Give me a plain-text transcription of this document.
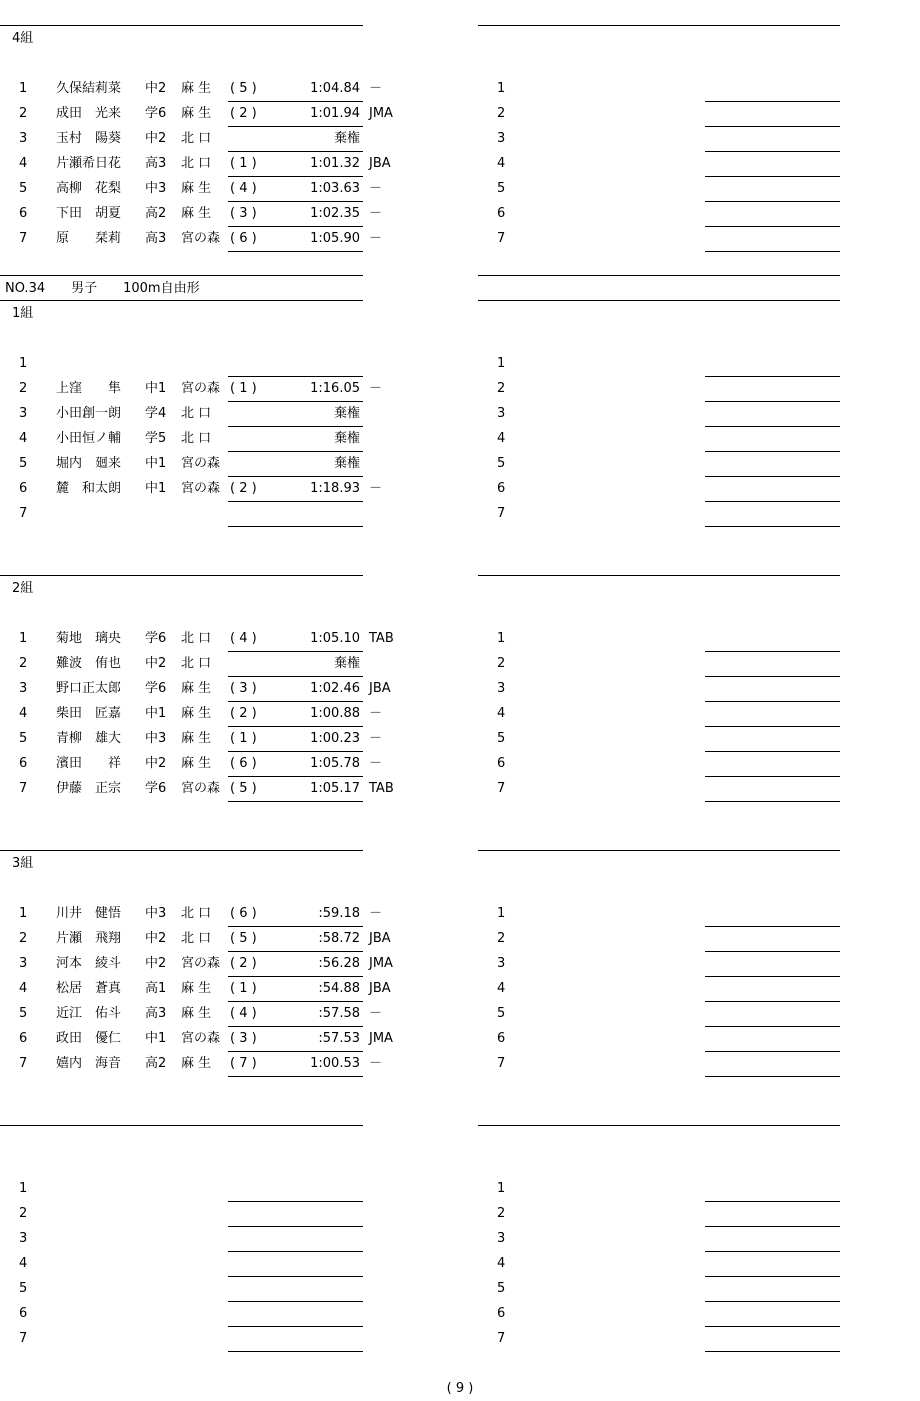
4組
1 久保結莉菜 中2 麻 生 ( 5 )	1:04.84 －	1
2 成田　光来 学6 麻 生 ( 2 )	1:01.94 JMA	2
3 玉村　陽葵 中2 北 口	棄権	3
4 片瀬希日花 高3 北 口 ( 1 )	1:01.32 JBA	4
5 高柳　花梨 中3 麻 生 ( 4 )	1:03.63 －	5
6 下田　胡夏 高2 麻 生 ( 3 )	1:02.35 －	6
7 原　　栞莉 高3 宮の森 ( 6 )	1:05.90 －	7
NO.34　　男子　　100m自由形
1組
1	1
2 上窪　　隼 中1 宮の森 ( 1 )	1:16.05 －	2
3 小田創一朗 学4 北 口	棄権	3
4 小田恒ノ輔 学5 北 口	棄権	4
5 堀内　廻来 中1 宮の森	棄権	5
6 麓　和太朗 中1 宮の森 ( 2 )	1:18.93 －	6
7	7
2組
1 菊地　璃央 学6 北 口 ( 4 )	1:05.10 TAB	1
2 難波　侑也 中2 北 口	棄権	2
3 野口正太郎 学6 麻 生 ( 3 )	1:02.46 JBA	3
4 柴田　匠嘉 中1 麻 生 ( 2 )	1:00.88 －	4
5 青柳　雄大 中3 麻 生 ( 1 )	1:00.23 －	5
6 濱田　　祥 中2 麻 生 ( 6 )	1:05.78 －	6
7 伊藤　正宗 学6 宮の森 ( 5 )	1:05.17 TAB	7
3組
1 川井　健悟 中3 北 口 ( 6 )	:59.18 －	1
2 片瀬　飛翔 中2 北 口 ( 5 )	:58.72 JBA	2
3 河本　綾斗 中2 宮の森 ( 2 )	:56.28 JMA	3
4 松居　蒼真 高1 麻 生 ( 1 )	:54.88 JBA	4
5 近江　佑斗 高3 麻 生 ( 4 )	:57.58 －	5
6 政田　優仁 中1 宮の森 ( 3 )	:57.53 JMA	6
7 嬉内　海音 高2 麻 生 ( 7 )	1:00.53 －	7
1	1
2	2
3	3
4	4
5	5
6	6
7	7
( 9 )
